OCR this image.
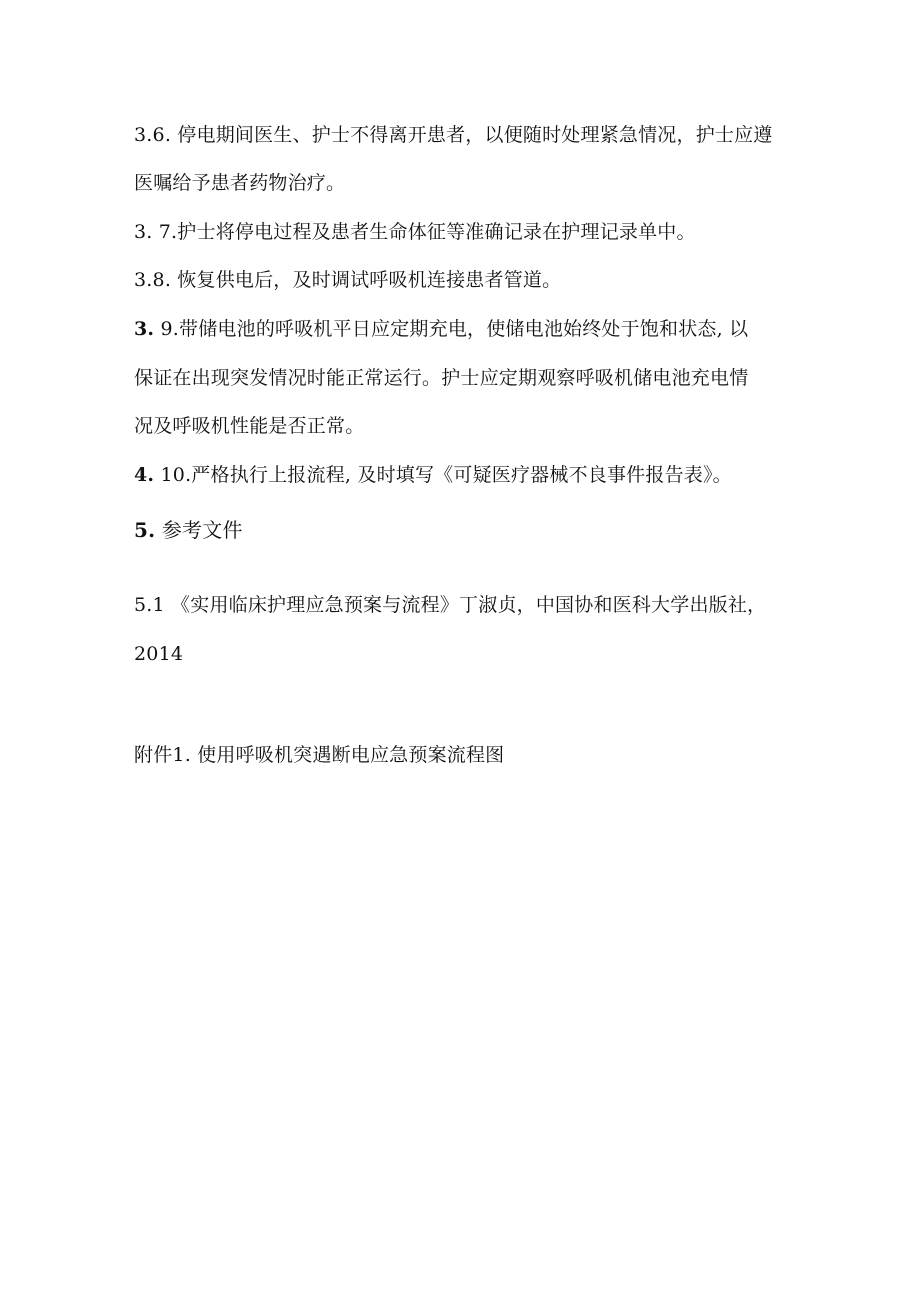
3.6. 停电期间医生、护士不得离开患者，以便随时处理紧急情况，护士应遵
医嘱给予患者药物治疗。
3. 7.护士将停电过程及患者生命体征等准确记录在护理记录单中。
3.8. 恢复供电后，及时调试呼吸机连接患者管道。
3. 9.带储电池的呼吸机平日应定期充电，使储电池始终处于饱和状态, 以
保证在出现突发情况时能正常运行。护士应定期观察呼吸机储电池充电情
况及呼吸机性能是否正常。
4. 10.严格执行上报流程, 及时填写《可疑医疗器械不良事件报告表》。
5. 参考文件
5.1 《实用临床护理应急预案与流程》丁淑贞，中国协和医科大学出版社，
2014
附件1. 使用呼吸机突遇断电应急预案流程图
